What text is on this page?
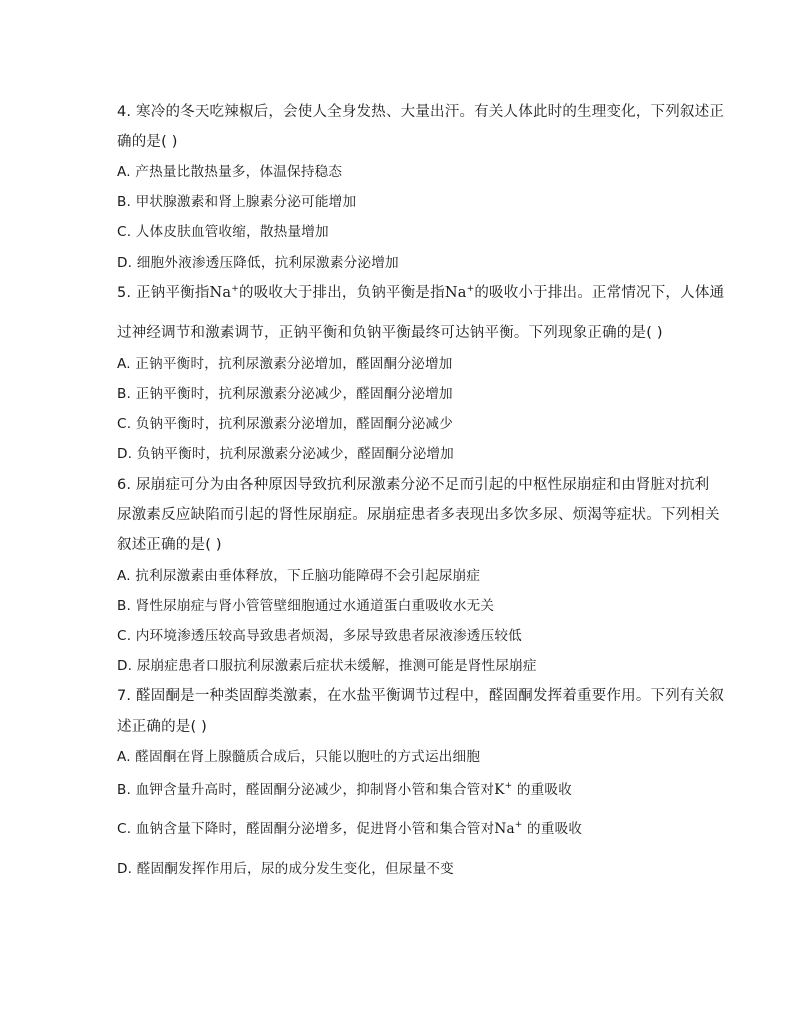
4. 寒冷的冬天吃辣椒后，会使人全身发热、大量出汗。有关人体此时的生理变化，下列叙述正
确的是( )
A. 产热量比散热量多，体温保持稳态
B. 甲状腺激素和肾上腺素分泌可能增加
C. 人体皮肤血管收缩，散热量增加
D. 细胞外液渗透压降低，抗利尿激素分泌增加
5. 正钠平衡指Na+的吸收大于排出，负钠平衡是指Na+的吸收小于排出。正常情况下，人体通
过神经调节和激素调节，正钠平衡和负钠平衡最终可达钠平衡。下列现象正确的是( )
A. 正钠平衡时，抗利尿激素分泌增加，醛固酮分泌增加
B. 正钠平衡时，抗利尿激素分泌减少，醛固酮分泌增加
C. 负钠平衡时，抗利尿激素分泌增加，醛固酮分泌减少
D. 负钠平衡时，抗利尿激素分泌减少，醛固酮分泌增加
6. 尿崩症可分为由各种原因导致抗利尿激素分泌不足而引起的中枢性尿崩症和由肾脏对抗利
尿激素反应缺陷而引起的肾性尿崩症。尿崩症患者多表现出多饮多尿、烦渴等症状。下列相关
叙述正确的是( )
A. 抗利尿激素由垂体释放，下丘脑功能障碍不会引起尿崩症
B. 肾性尿崩症与肾小管管壁细胞通过水通道蛋白重吸收水无关
C. 内环境渗透压较高导致患者烦渴，多尿导致患者尿液渗透压较低
D. 尿崩症患者口服抗利尿激素后症状未缓解，推测可能是肾性尿崩症
7. 醛固酮是一种类固醇类激素，在水盐平衡调节过程中，醛固酮发挥着重要作用。下列有关叙
述正确的是( )
A. 醛固酮在肾上腺髓质合成后，只能以胞吐的方式运出细胞
B. 血钾含量升高时，醛固酮分泌减少，抑制肾小管和集合管对K+ 的重吸收
C. 血钠含量下降时，醛固酮分泌增多，促进肾小管和集合管对Na+ 的重吸收
D. 醛固酮发挥作用后，尿的成分发生变化，但尿量不变
